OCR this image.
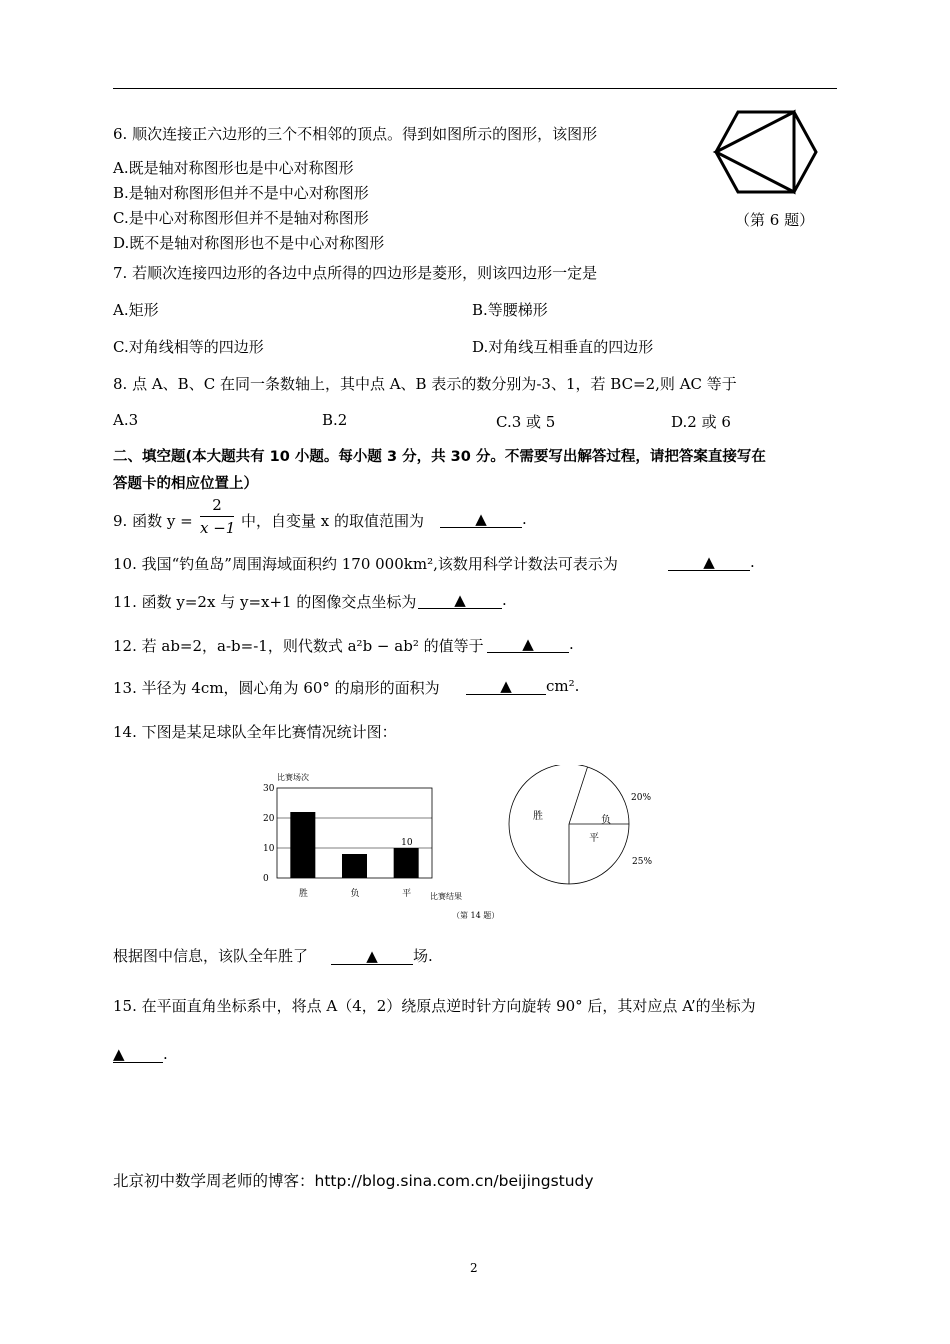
6. 顺次连接正六边形的三个不相邻的顶点。得到如图所示的图形，该图形
A.既是轴对称图形也是中心对称图形
B.是轴对称图形但并不是中心对称图形
C.是中心对称图形但并不是轴对称图形
D.既不是轴对称图形也不是中心对称图形
（第 6 题）
7. 若顺次连接四边形的各边中点所得的四边形是菱形，则该四边形一定是
A.矩形	B.等腰梯形
C.对角线相等的四边形	D.对角线互相垂直的四边形
8. 点 A、B、C 在同一条数轴上，其中点 A、B 表示的数分别为-3、1，若 BC=2,则 AC 等于
A.3	B.2	C.3 或 5	D.2 或 6
二、填空题(本大题共有 10 小题。每小题 3 分，共 30 分。不需要写出解答过程，请把答案直接写在
答题卡的相应位置上）
9. 函数 $y = \frac{2}{x -1}$ 中，自变量 x 的取值范围为	▲ .
10. 我国“钓鱼岛”周围海域面积约 170 000km²,该数用科学计数法可表示为	▲ .
11. 函数 y=2x 与 y=x+1 的图像交点坐标为	▲ .
12. 若 ab=2，a-b=-1，则代数式 a²b − ab² 的值等于	▲ .
13. 半径为 4cm，圆心角为 60° 的扇形的面积为	▲ cm².
14. 下图是某足球队全年比赛情况统计图：
比赛场次
0
10
20
30
胜	负	平
10
比赛结果
负
20%
平
25%
胜
（第 14 题）
根据图中信息，该队全年胜了	▲ 场.
15. 在平面直角坐标系中，将点 A（4，2）绕原点逆时针方向旋转 90° 后，其对应点 A’的坐标为
▲	.
北京初中数学周老师的博客：http://blog.sina.com.cn/beijingstudy
2
